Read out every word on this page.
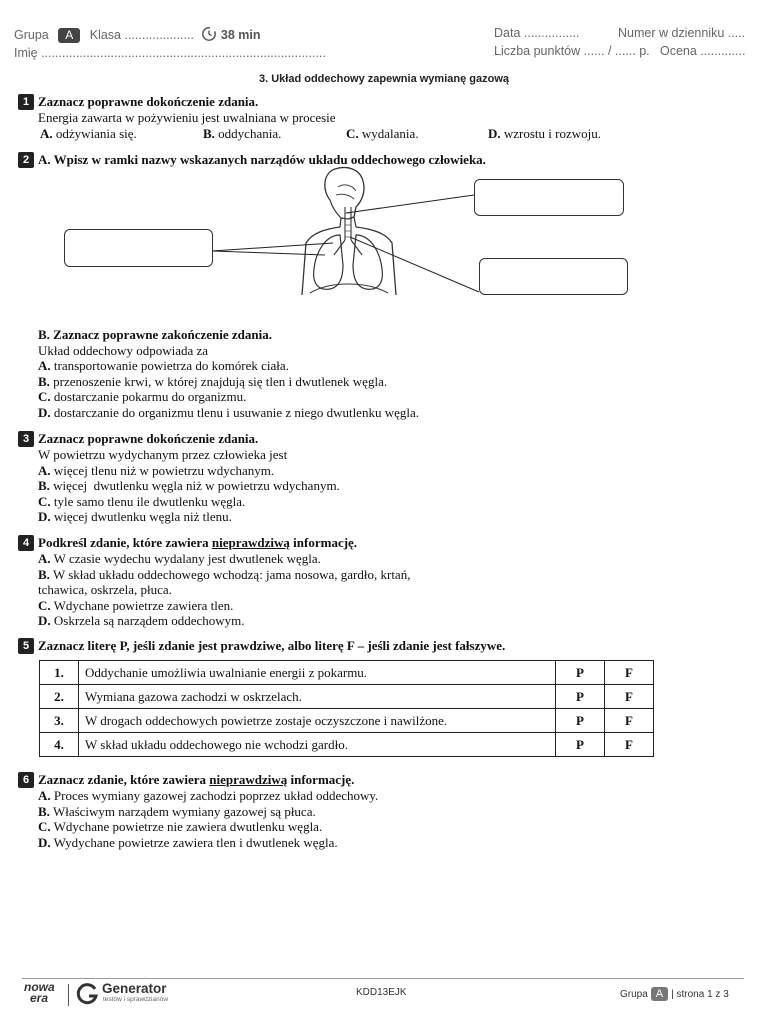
Grupa A Klasa .................... 38 min
Imię ..................................................................................
Data ................	Numer w dzienniku .....
Liczba punktów ...... / ...... p. Ocena .............
3. Układ oddechowy zapewnia wymianę gazową
1 Zaznacz poprawne dokończenie zdania.
Energia zawarta w pożywieniu jest uwalniana w procesie
A. odżywiania się.	B. oddychania.	C. wydalania.	D. wzrostu i rozwoju.
2 A. Wpisz w ramki nazwy wskazanych narządów układu oddechowego człowieka.
B. Zaznacz poprawne zakończenie zdania.
Układ oddechowy odpowiada za
A. transportowanie powietrza do komórek ciała.
B. przenoszenie krwi, w której znajdują się tlen i dwutlenek węgla.
C. dostarczanie pokarmu do organizmu.
D. dostarczanie do organizmu tlenu i usuwanie z niego dwutlenku węgla.
3 Zaznacz poprawne dokończenie zdania.
W powietrzu wydychanym przez człowieka jest
A. więcej tlenu niż w powietrzu wdychanym.
B. więcej  dwutlenku węgla niż w powietrzu wdychanym.
C. tyle samo tlenu ile dwutlenku węgla.
D. więcej dwutlenku węgla niż tlenu.
4 Podkreśl zdanie, które zawiera nieprawdziwą informację.
A. W czasie wydechu wydalany jest dwutlenek węgla.
B. W skład układu oddechowego wchodzą: jama nosowa, gardło, krtań,
tchawica, oskrzela, płuca.
C. Wdychane powietrze zawiera tlen.
D. Oskrzela są narządem oddechowym.
5 Zaznacz literę P, jeśli zdanie jest prawdziwe, albo literę F – jeśli zdanie jest fałszywe.
1.	Oddychanie umożliwia uwalnianie energii z pokarmu.	P	F
2.	Wymiana gazowa zachodzi w oskrzelach.	P	F
3.	W drogach oddechowych powietrze zostaje oczyszczone i nawilżone.	P	F
4.	W skład układu oddechowego nie wchodzi gardło.	P	F
6 Zaznacz zdanie, które zawiera nieprawdziwą informację.
A. Proces wymiany gazowej zachodzi poprzez układ oddechowy.
B. Właściwym narządem wymiany gazowej są płuca.
C. Wdychane powietrze nie zawiera dwutlenku węgla.
D. Wydychane powietrze zawiera tlen i dwutlenek węgla.
nowa
era
Generator
testów i sprawdzianów
KDD13EJK	Grupa A | strona 1 z 3
